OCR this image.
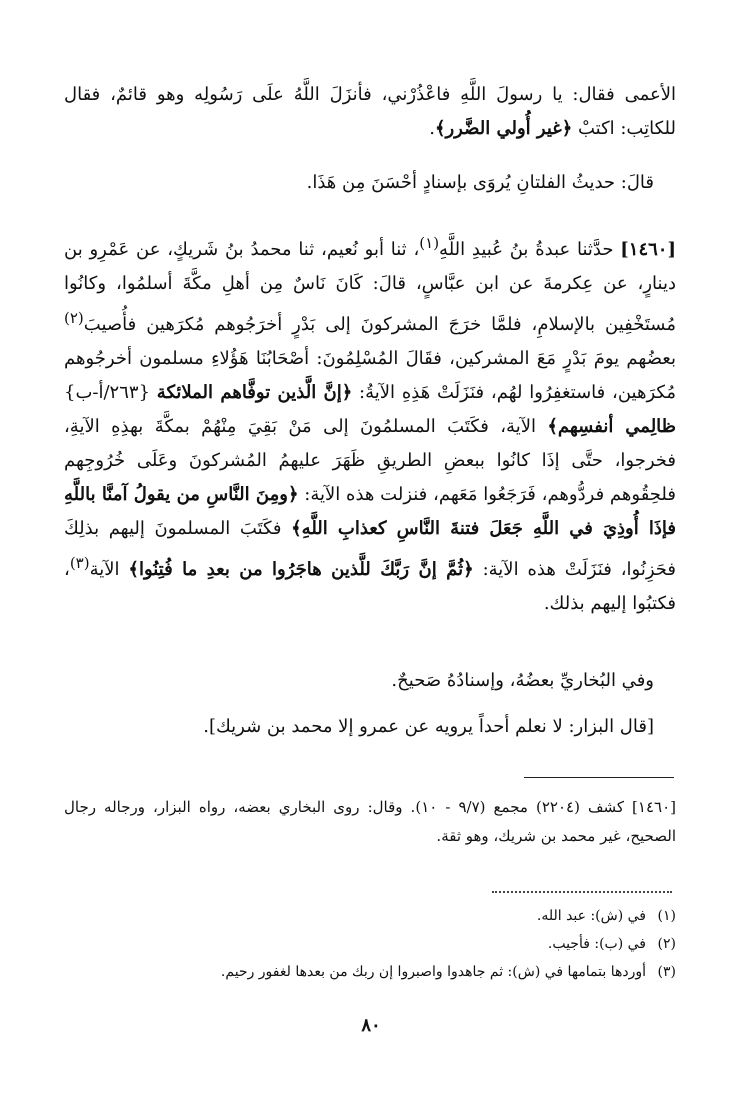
الأعمى فقال: يا رسولَ اللَّهِ فاعْذُرْني، فأنزَلَ اللَّهُ علَى رَسُولِه وهو قائمٌ، فقال للكاتِب: اكتبْ ﴿غير أُولي الضَّرر﴾.

قالَ: حديثُ الفلتانِ يُروَى بإسنادٍ أحْسَنَ مِن هَذَا.

[١٤٦٠] حدَّثنا عبدةُ بنُ عُبيدِ اللَّهِ$^{(١)}$، ثنا أبو نُعيم، ثنا محمدُ بنُ شَريكٍ، عن عَمْرِو بن دينارٍ، عن عِكرمةَ عن ابن عبَّاسٍ، قالَ: كَانَ نَاسٌ مِن أهلِ مكَّةَ أسلمُوا، وكانُوا مُستَخْفِين بالإسلامِ، فلمَّا خرَجَ المشركونَ إلى بَدْرٍ أخرَجُوهم مُكرَهين فأُصيبَ$^{(٢)}$ بعضُهم يومَ بَدْرٍ مَعَ المشركين، فقَالَ المُسْلِمُونَ: أصْحَابُنَا هَؤُلاءِ مسلمون أخرجُوهم مُكرَهين، فاستغفِرُوا لهُم، فنَزَلَتْ هَذِهِ الآيةُ: ﴿إنَّ الَّذين توفَّاهم الملائكة {٢٦٣/أ-ب} ظالِمي أنفسِهم﴾ الآية، فكَتَبَ المسلمُونَ إلى مَنْ بَقِيَ مِنْهُمْ بمكَّةَ بهذِهِ الآيةِ، فخرجوا، حتَّى إذَا كانُوا ببعضِ الطريقِ ظَهَرَ عليهمُ المُشركونَ وعَلَى خُرُوجِهم فلحِقُوهم فردُّوهم، فَرَجَعُوا مَعَهم، فنزلت هذه الآية: ﴿ومِنَ النَّاسِ من يقولُ آمنَّا باللَّهِ فإذَا أُوذِيَ في اللَّهِ جَعَلَ فتنةَ النَّاسِ كعذابِ اللَّهِ﴾ فكَتَبَ المسلمونَ إليهم بذلِكَ فحَزِنُوا، فنَزَلَتْ هذه الآية: ﴿ثُمَّ إنَّ رَبَّكَ للَّذين هاجَرُوا من بعدِ ما فُتِنُوا﴾ الآية$^{(٣)}$، فكتبُوا إليهم بذلك.

وفي البُخاريِّ بعضُهُ، وإسنادُهُ صَحيحٌ.

[قال البزار: لا نعلم أحداً يرويه عن عمرو إلا محمد بن شريك].

[١٤٦٠] كشف (٢٢٠٤) مجمع (٩/٧ - ١٠). وقال: روى البخاري بعضه، رواه البزار، ورجاله رجال الصحيح، غير محمد بن شريك، وهو ثقة.
(١)
في (ش): عبد الله.
(٢)
في (ب): فأجيب.
(٣)
أوردها بتمامها في (ش): ثم جاهدوا واصبروا إن ربك من بعدها لغفور رحيم.
٨٠
